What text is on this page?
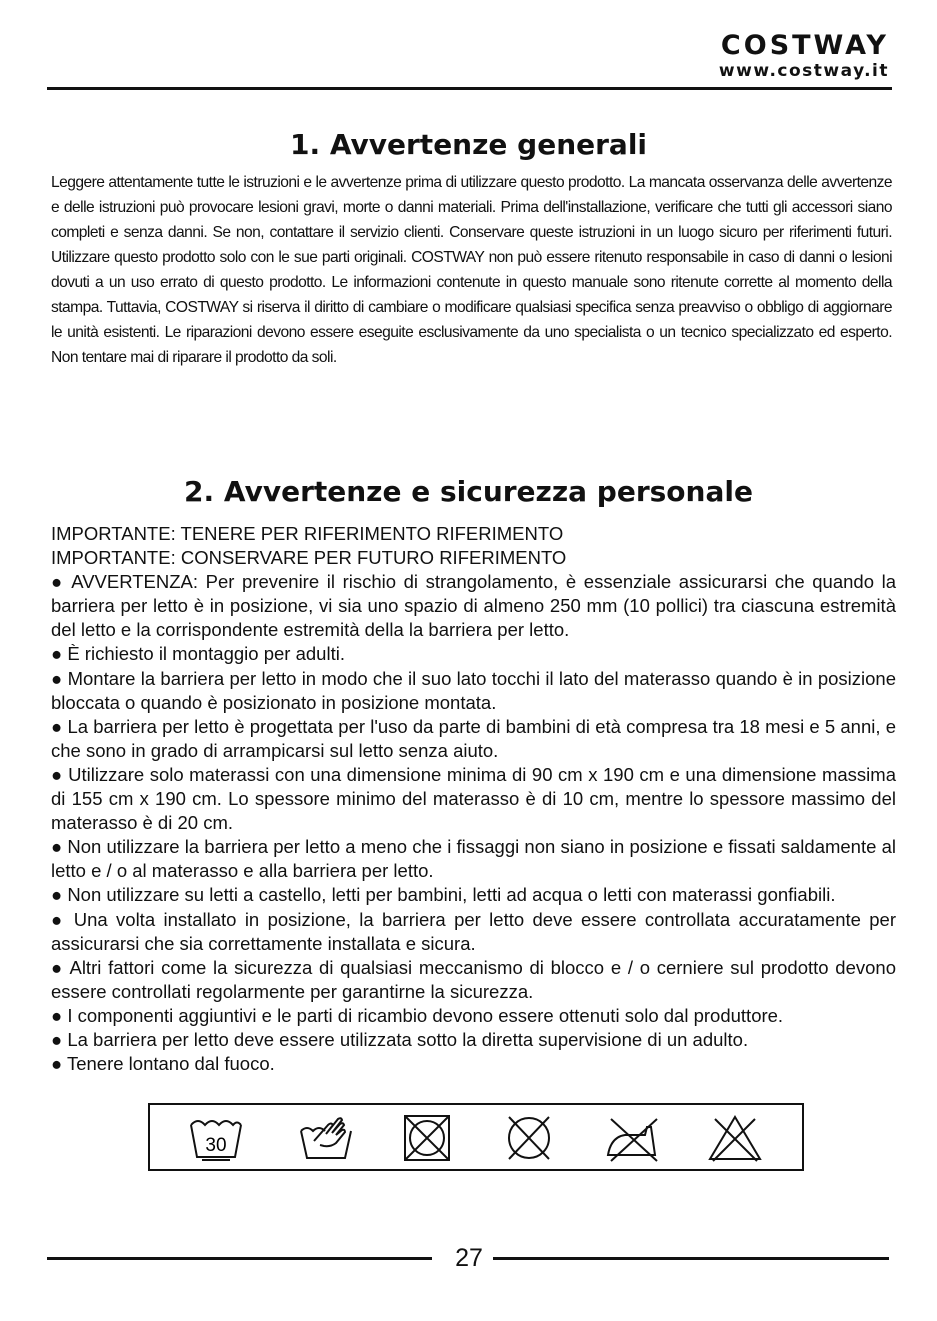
COSTWAY
www.costway.it
1. Avvertenze generali

Leggere attentamente tutte le istruzioni e le avvertenze prima di utilizzare questo prodotto. La mancata osservanza delle avvertenze e delle istruzioni può provocare lesioni gravi, morte o danni materiali. Prima dell'installazione, verificare che tutti gli accessori siano completi e senza danni. Se non, contattare il servizio clienti. Conservare queste istruzioni in un luogo sicuro per riferimenti futuri. Utilizzare questo prodotto solo con le sue parti originali. COSTWAY non può essere ritenuto responsabile in caso di danni o lesioni dovuti a un uso errato di questo prodotto. Le informazioni contenute in questo manuale sono ritenute corrette al momento della stampa. Tuttavia, COSTWAY si riserva il diritto di cambiare o modificare qualsiasi specifica senza preavviso o obbligo di aggiornare le unità esistenti. Le riparazioni devono essere eseguite esclusivamente da uno specialista o un tecnico specializzato ed esperto. Non tentare mai di riparare il prodotto da soli.

2. Avvertenze e sicurezza personale

IMPORTANTE: TENERE PER RIFERIMENTO RIFERIMENTO

IMPORTANTE: CONSERVARE PER FUTURO RIFERIMENTO

● AVVERTENZA: Per prevenire il rischio di strangolamento, è essenziale assicurarsi che quando la barriera per letto è in posizione, vi sia uno spazio di almeno 250 mm (10 pollici) tra ciascuna estremità del letto e la corrispondente estremità della la barriera per letto.

● È richiesto il montaggio per adulti.

● Montare la barriera per letto in modo che il suo lato tocchi il lato del materasso quando è in posizione bloccata o quando è posizionato in posizione montata.

● La barriera per letto è progettata per l'uso da parte di bambini di età compresa tra 18 mesi e 5 anni, e che sono in grado di arrampicarsi sul letto senza aiuto.

● Utilizzare solo materassi con una dimensione minima di 90 cm x 190 cm e una dimensione massima di 155 cm x 190 cm. Lo spessore minimo del materasso è di 10 cm, mentre lo spessore massimo del materasso è di 20 cm.

● Non utilizzare la barriera per letto a meno che i fissaggi non siano in posizione e fissati saldamente al letto e / o al materasso e alla barriera per letto.

● Non utilizzare su letti a castello, letti per bambini, letti ad acqua o letti con materassi gonfiabili.

● Una volta installato in posizione, la barriera per letto deve essere controllata accuratamente per assicurarsi che sia correttamente installata e sicura.

● Altri fattori come la sicurezza di qualsiasi meccanismo di blocco e / o cerniere sul prodotto devono essere controllati regolarmente per garantirne la sicurezza.

● I componenti aggiuntivi e le parti di ricambio devono essere ottenuti solo dal produttore.

● La barriera per letto deve essere utilizzata sotto la diretta supervisione di un adulto.

● Tenere lontano dal fuoco.

30
27
